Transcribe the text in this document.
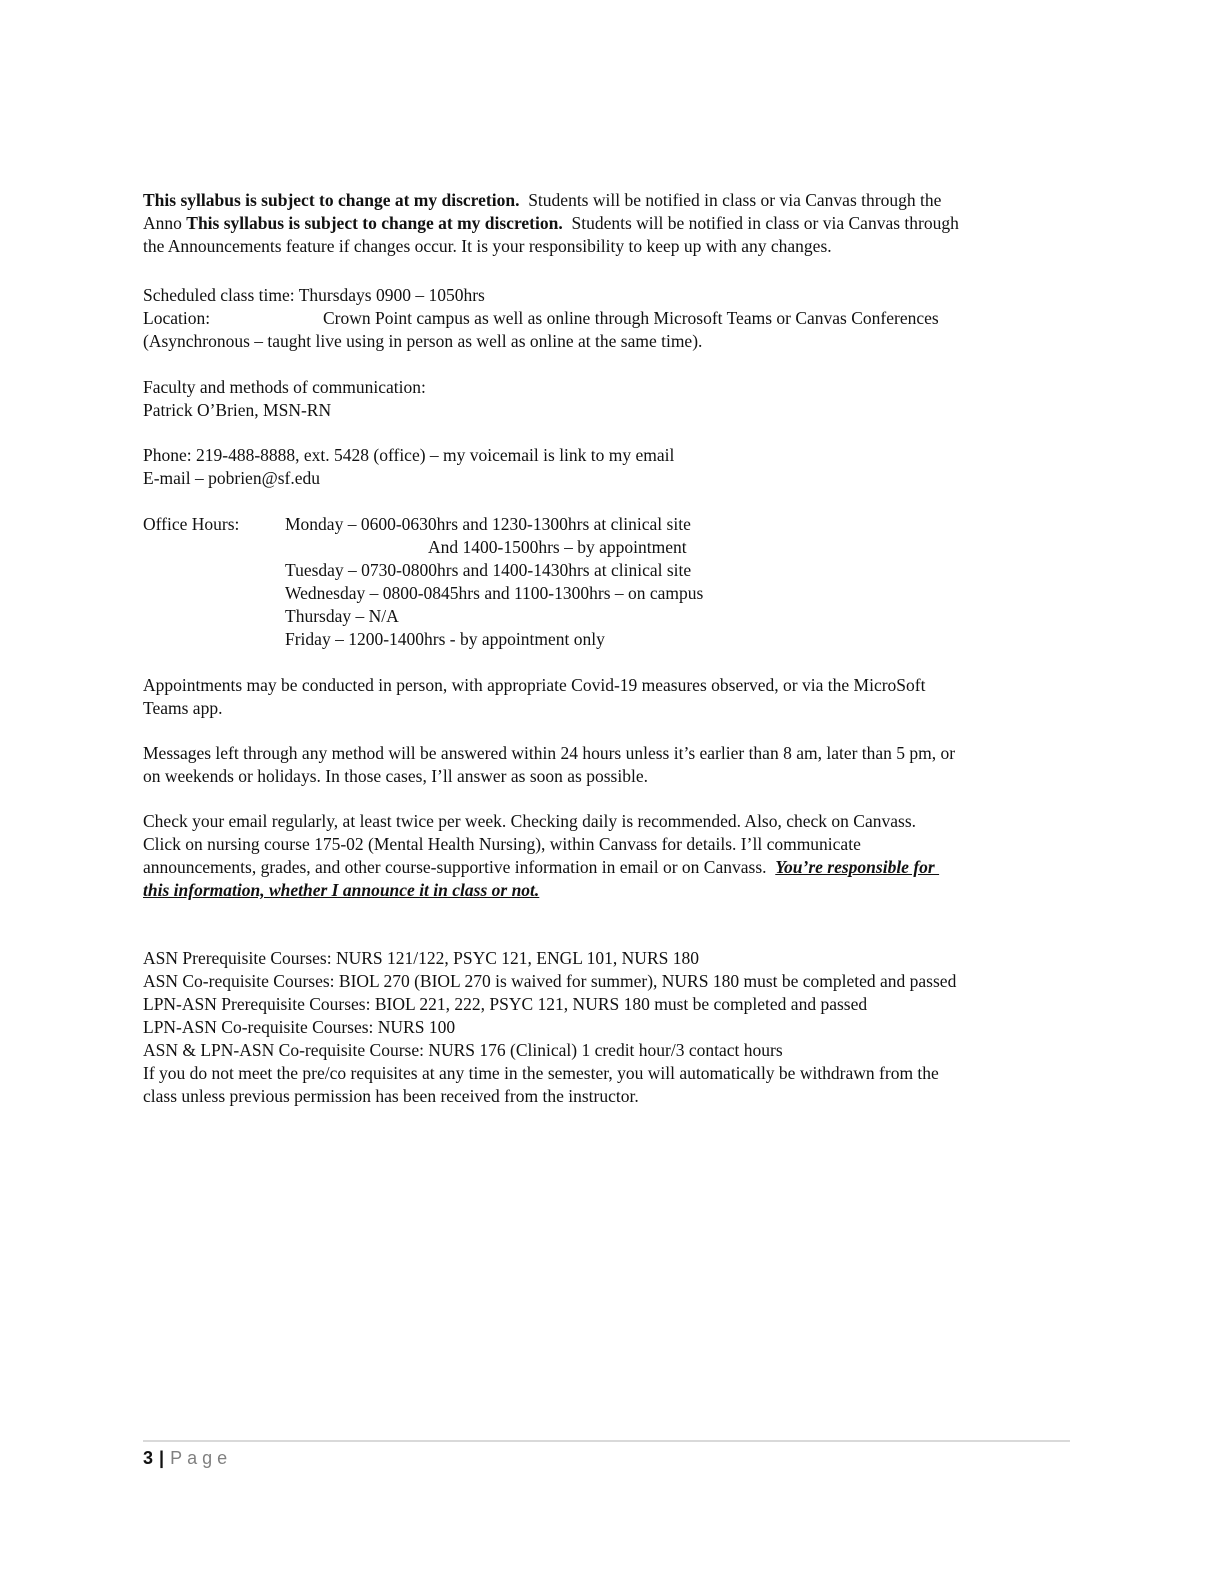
This syllabus is subject to change at my discretion.  Students will be notified in class or via Canvas through the
Anno This syllabus is subject to change at my discretion.  Students will be notified in class or via Canvas through
the Announcements feature if changes occur. It is your responsibility to keep up with any changes.
Scheduled class time: Thursdays 0900 – 1050hrs
Location:	Crown Point campus as well as online through Microsoft Teams or Canvas Conferences
(Asynchronous – taught live using in person as well as online at the same time).
Faculty and methods of communication:
Patrick O’Brien, MSN-RN
Phone: 219-488-8888, ext. 5428 (office) – my voicemail is link to my email
E-mail – pobrien@sf.edu
Office Hours:	Monday – 0600-0630hrs and 1230-1300hrs at clinical site
And 1400-1500hrs – by appointment
Tuesday – 0730-0800hrs and 1400-1430hrs at clinical site
Wednesday – 0800-0845hrs and 1100-1300hrs – on campus
Thursday – N/A
Friday – 1200-1400hrs - by appointment only
Appointments may be conducted in person, with appropriate Covid-19 measures observed, or via the MicroSoft
Teams app.
Messages left through any method will be answered within 24 hours unless it’s earlier than 8 am, later than 5 pm, or
on weekends or holidays. In those cases, I’ll answer as soon as possible.
Check your email regularly, at least twice per week. Checking daily is recommended. Also, check on Canvass.
Click on nursing course 175-02 (Mental Health Nursing), within Canvass for details. I’ll communicate
announcements, grades, and other course-supportive information in email or on Canvass.  You’re responsible for
this information, whether I announce it in class or not.
ASN Prerequisite Courses: NURS 121/122, PSYC 121, ENGL 101, NURS 180
ASN Co-requisite Courses: BIOL 270 (BIOL 270 is waived for summer), NURS 180 must be completed and passed
LPN-ASN Prerequisite Courses: BIOL 221, 222, PSYC 121, NURS 180 must be completed and passed
LPN-ASN Co-requisite Courses: NURS 100
ASN & LPN-ASN Co-requisite Course: NURS 176 (Clinical) 1 credit hour/3 contact hours
If you do not meet the pre/co requisites at any time in the semester, you will automatically be withdrawn from the
class unless previous permission has been received from the instructor.
3 | Page
